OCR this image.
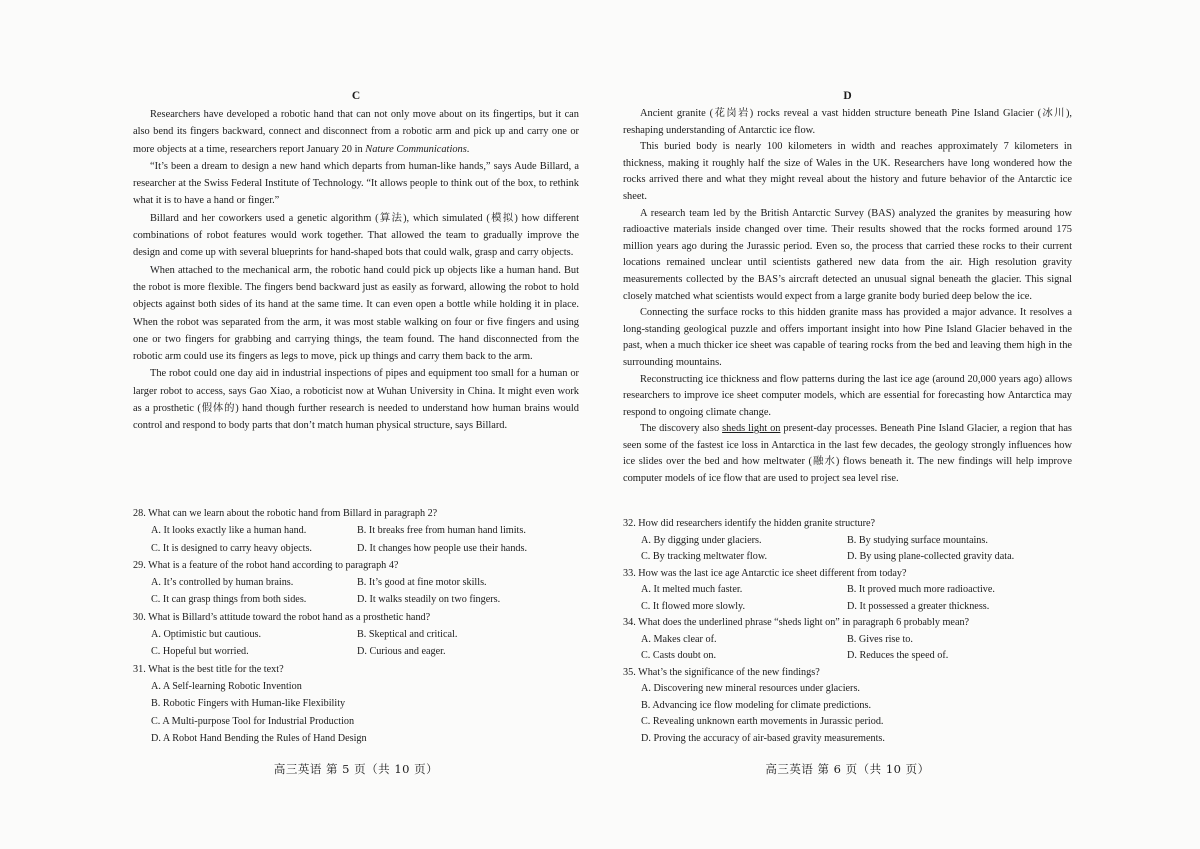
C

Researchers have developed a robotic hand that can not only move about on its fingertips, but it can also bend its fingers backward, connect and disconnect from a robotic arm and pick up and carry one or more objects at a time, researchers report January 20 in Nature Communications.

“It’s been a dream to design a new hand which departs from human-like hands,” says Aude Billard, a researcher at the Swiss Federal Institute of Technology. “It allows people to think out of the box, to rethink what it is to have a hand or finger.”

Billard and her coworkers used a genetic algorithm (算法), which simulated (模拟) how different combinations of robot features would work together. That allowed the team to gradually improve the design and come up with several blueprints for hand-shaped bots that could walk, grasp and carry objects.

When attached to the mechanical arm, the robotic hand could pick up objects like a human hand. But the robot is more flexible. The fingers bend backward just as easily as forward, allowing the robot to hold objects against both sides of its hand at the same time. It can even open a bottle while holding it in place. When the robot was separated from the arm, it was most stable walking on four or five fingers and using one or two fingers for grabbing and carrying things, the team found. The hand disconnected from the robotic arm could use its fingers as legs to move, pick up things and carry them back to the arm.

The robot could one day aid in industrial inspections of pipes and equipment too small for a human or larger robot to access, says Gao Xiao, a roboticist now at Wuhan University in China. It might even work as a prosthetic (假体的) hand though further research is needed to understand how human brains would control and respond to body parts that don’t match human physical structure, says Billard.

28. What can we learn about the robotic hand from Billard in paragraph 2?

A. It looks exactly like a human hand.	B. It breaks free from human hand limits.
C. It is designed to carry heavy objects.	D. It changes how people use their hands.

29. What is a feature of the robot hand according to paragraph 4?

A. It’s controlled by human brains.	B. It’s good at fine motor skills.
C. It can grasp things from both sides.	D. It walks steadily on two fingers.

30. What is Billard’s attitude toward the robot hand as a prosthetic hand?

A. Optimistic but cautious.	B. Skeptical and critical.
C. Hopeful but worried.	D. Curious and eager.

31. What is the best title for the text?

A. A Self-learning Robotic Invention
B. Robotic Fingers with Human-like Flexibility
C. A Multi-purpose Tool for Industrial Production
D. A Robot Hand Bending the Rules of Hand Design
高三英语 第 5 页（共 10 页）
D

Ancient granite (花岗岩) rocks reveal a vast hidden structure beneath Pine Island Glacier (冰川), reshaping understanding of Antarctic ice flow.

This buried body is nearly 100 kilometers in width and reaches approximately 7 kilometers in thickness, making it roughly half the size of Wales in the UK. Researchers have long wondered how the rocks arrived there and what they might reveal about the history and future behavior of the Antarctic ice sheet.

A research team led by the British Antarctic Survey (BAS) analyzed the granites by measuring how radioactive materials inside changed over time. Their results showed that the rocks formed around 175 million years ago during the Jurassic period. Even so, the process that carried these rocks to their current locations remained unclear until scientists gathered new data from the air. High resolution gravity measurements collected by the BAS’s aircraft detected an unusual signal beneath the glacier. This signal closely matched what scientists would expect from a large granite body buried deep below the ice.

Connecting the surface rocks to this hidden granite mass has provided a major advance. It resolves a long-standing geological puzzle and offers important insight into how Pine Island Glacier behaved in the past, when a much thicker ice sheet was capable of tearing rocks from the bed and leaving them high in the surrounding mountains.

Reconstructing ice thickness and flow patterns during the last ice age (around 20,000 years ago) allows researchers to improve ice sheet computer models, which are essential for forecasting how Antarctica may respond to ongoing climate change.

The discovery also sheds light on present-day processes. Beneath Pine Island Glacier, a region that has seen some of the fastest ice loss in Antarctica in the last few decades, the geology strongly influences how ice slides over the bed and how meltwater (融水) flows beneath it. The new findings will help improve computer models of ice flow that are used to project sea level rise.

32. How did researchers identify the hidden granite structure?

A. By digging under glaciers.	B. By studying surface mountains.
C. By tracking meltwater flow.	D. By using plane-collected gravity data.

33. How was the last ice age Antarctic ice sheet different from today?

A. It melted much faster.	B. It proved much more radioactive.
C. It flowed more slowly.	D. It possessed a greater thickness.

34. What does the underlined phrase “sheds light on” in paragraph 6 probably mean?

A. Makes clear of.	B. Gives rise to.
C. Casts doubt on.	D. Reduces the speed of.

35. What’s the significance of the new findings?

A. Discovering new mineral resources under glaciers.
B. Advancing ice flow modeling for climate predictions.
C. Revealing unknown earth movements in Jurassic period.
D. Proving the accuracy of air-based gravity measurements.
高三英语 第 6 页（共 10 页）
